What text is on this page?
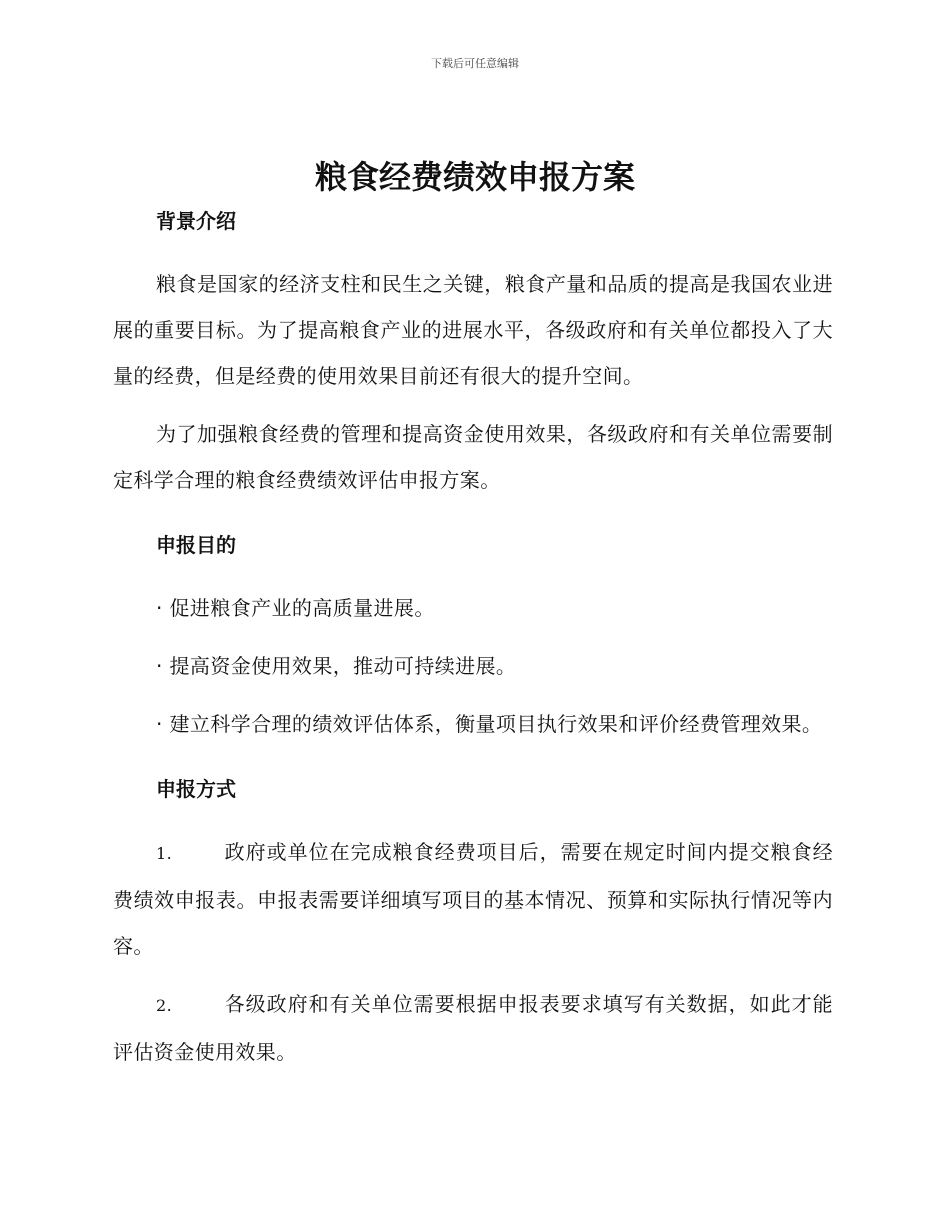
下载后可任意编辑
粮食经费绩效申报方案
背景介绍

粮食是国家的经济支柱和民生之关键，粮食产量和品质的提高是我国农业进展的重要目标。为了提高粮食产业的进展水平，各级政府和有关单位都投入了大量的经费，但是经费的使用效果目前还有很大的提升空间。

为了加强粮食经费的管理和提高资金使用效果，各级政府和有关单位需要制定科学合理的粮食经费绩效评估申报方案。

申报目的

· 促进粮食产业的高质量进展。

· 提高资金使用效果，推动可持续进展。

· 建立科学合理的绩效评估体系，衡量项目执行效果和评价经费管理效果。

申报方式

1.	政府或单位在完成粮食经费项目后，需要在规定时间内提交粮食经费绩效申报表。申报表需要详细填写项目的基本情况、预算和实际执行情况等内容。

2.	各级政府和有关单位需要根据申报表要求填写有关数据，如此才能评估资金使用效果。
